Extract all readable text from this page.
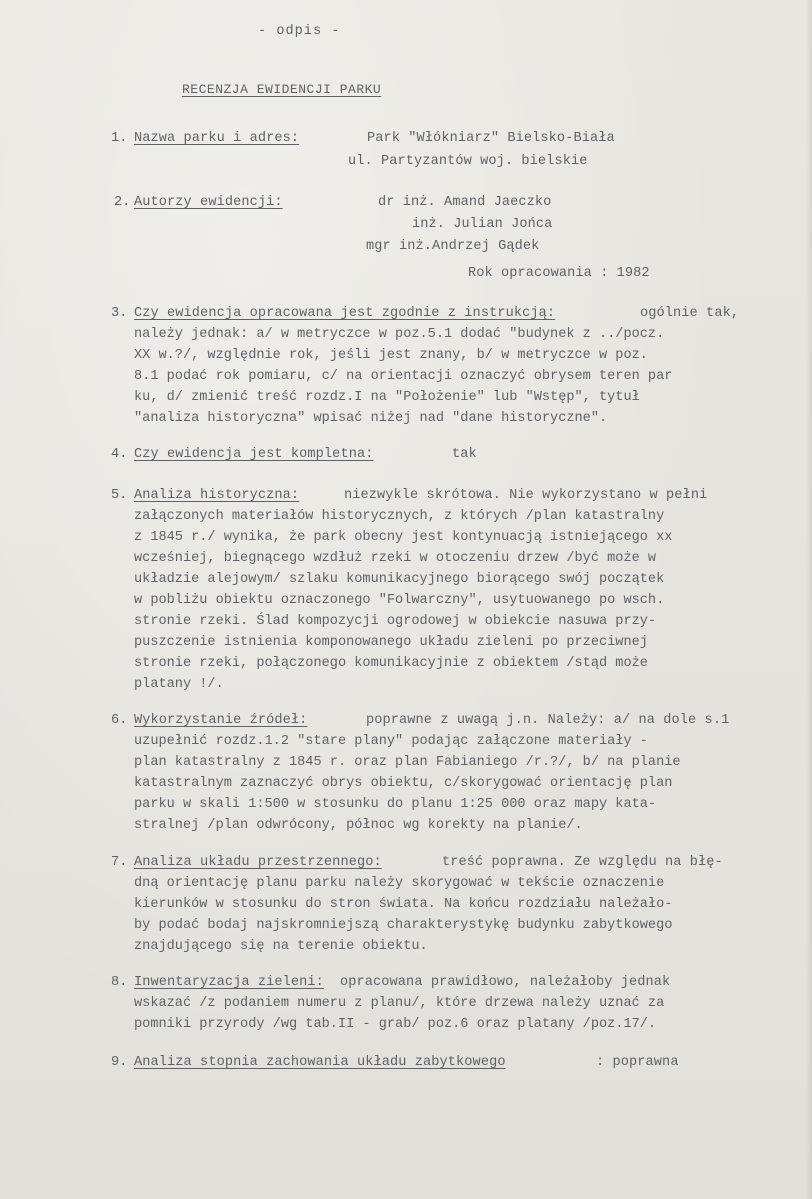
- odpis -
RECENZJA EWIDENCJI PARKU
1. Nazwa parku i adres:	Park "Włókniarz" Bielsko-Biała
ul. Partyzantów woj. bielskie
2. Autorzy ewidencji:	dr inż. Amand Jaeczko
inż. Julian Jońca
mgr inż.Andrzej Gądek
Rok opracowania : 1982
3. Czy ewidencja opracowana jest zgodnie z instrukcją:	ogólnie tak,
należy jednak: a/ w metryczce w poz.5.1 dodać "budynek z ../pocz.
XX w.?/, względnie rok, jeśli jest znany, b/ w metryczce w poz.
8.1 podać rok pomiaru, c/ na orientacji oznaczyć obrysem teren par
ku, d/ zmienić treść rozdz.I na "Położenie" lub "Wstęp", tytuł
"analiza historyczna" wpisać niżej nad "dane historyczne".
4. Czy ewidencja jest kompletna:	tak
5. Analiza historyczna:	niezwykle skrótowa. Nie wykorzystano w pełni
załączonych materiałów historycznych, z których /plan katastralny
z 1845 r./ wynika, że park obecny jest kontynuacją istniejącego xx
wcześniej, biegnącego wzdłuż rzeki w otoczeniu drzew /być może w
układzie alejowym/ szlaku komunikacyjnego biorącego swój początek
w pobliżu obiektu oznaczonego "Folwarczny", usytuowanego po wsch.
stronie rzeki. Ślad kompozycji ogrodowej w obiekcie nasuwa przy-
puszczenie istnienia komponowanego układu zieleni po przeciwnej
stronie rzeki, połączonego komunikacyjnie z obiektem /stąd może
platany !/.
6. Wykorzystanie źródeł:	poprawne z uwagą j.n. Należy: a/ na dole s.1
uzupełnić rozdz.1.2 "stare plany" podając załączone materiały -
plan katastralny z 1845 r. oraz plan Fabianiego /r.?/, b/ na planie
katastralnym zaznaczyć obrys obiektu, c/skorygować orientację plan
parku w skali 1:500 w stosunku do planu 1:25 000 oraz mapy kata-
stralnej /plan odwrócony, północ wg korekty na planie/.
7. Analiza układu przestrzennego:	treść poprawna. Ze względu na błę-
dną orientację planu parku należy skorygować w tekście oznaczenie
kierunków w stosunku do stron świata. Na końcu rozdziału należało-
by podać bodaj najskromniejszą charakterystykę budynku zabytkowego
znajdującego się na terenie obiektu.
8. Inwentaryzacja zieleni: opracowana prawidłowo, należałoby jednak
wskazać /z podaniem numeru z planu/, które drzewa należy uznać za
pomniki przyrody /wg tab.II - grab/ poz.6 oraz platany /poz.17/.
9. Analiza stopnia zachowania układu zabytkowego	: poprawna
